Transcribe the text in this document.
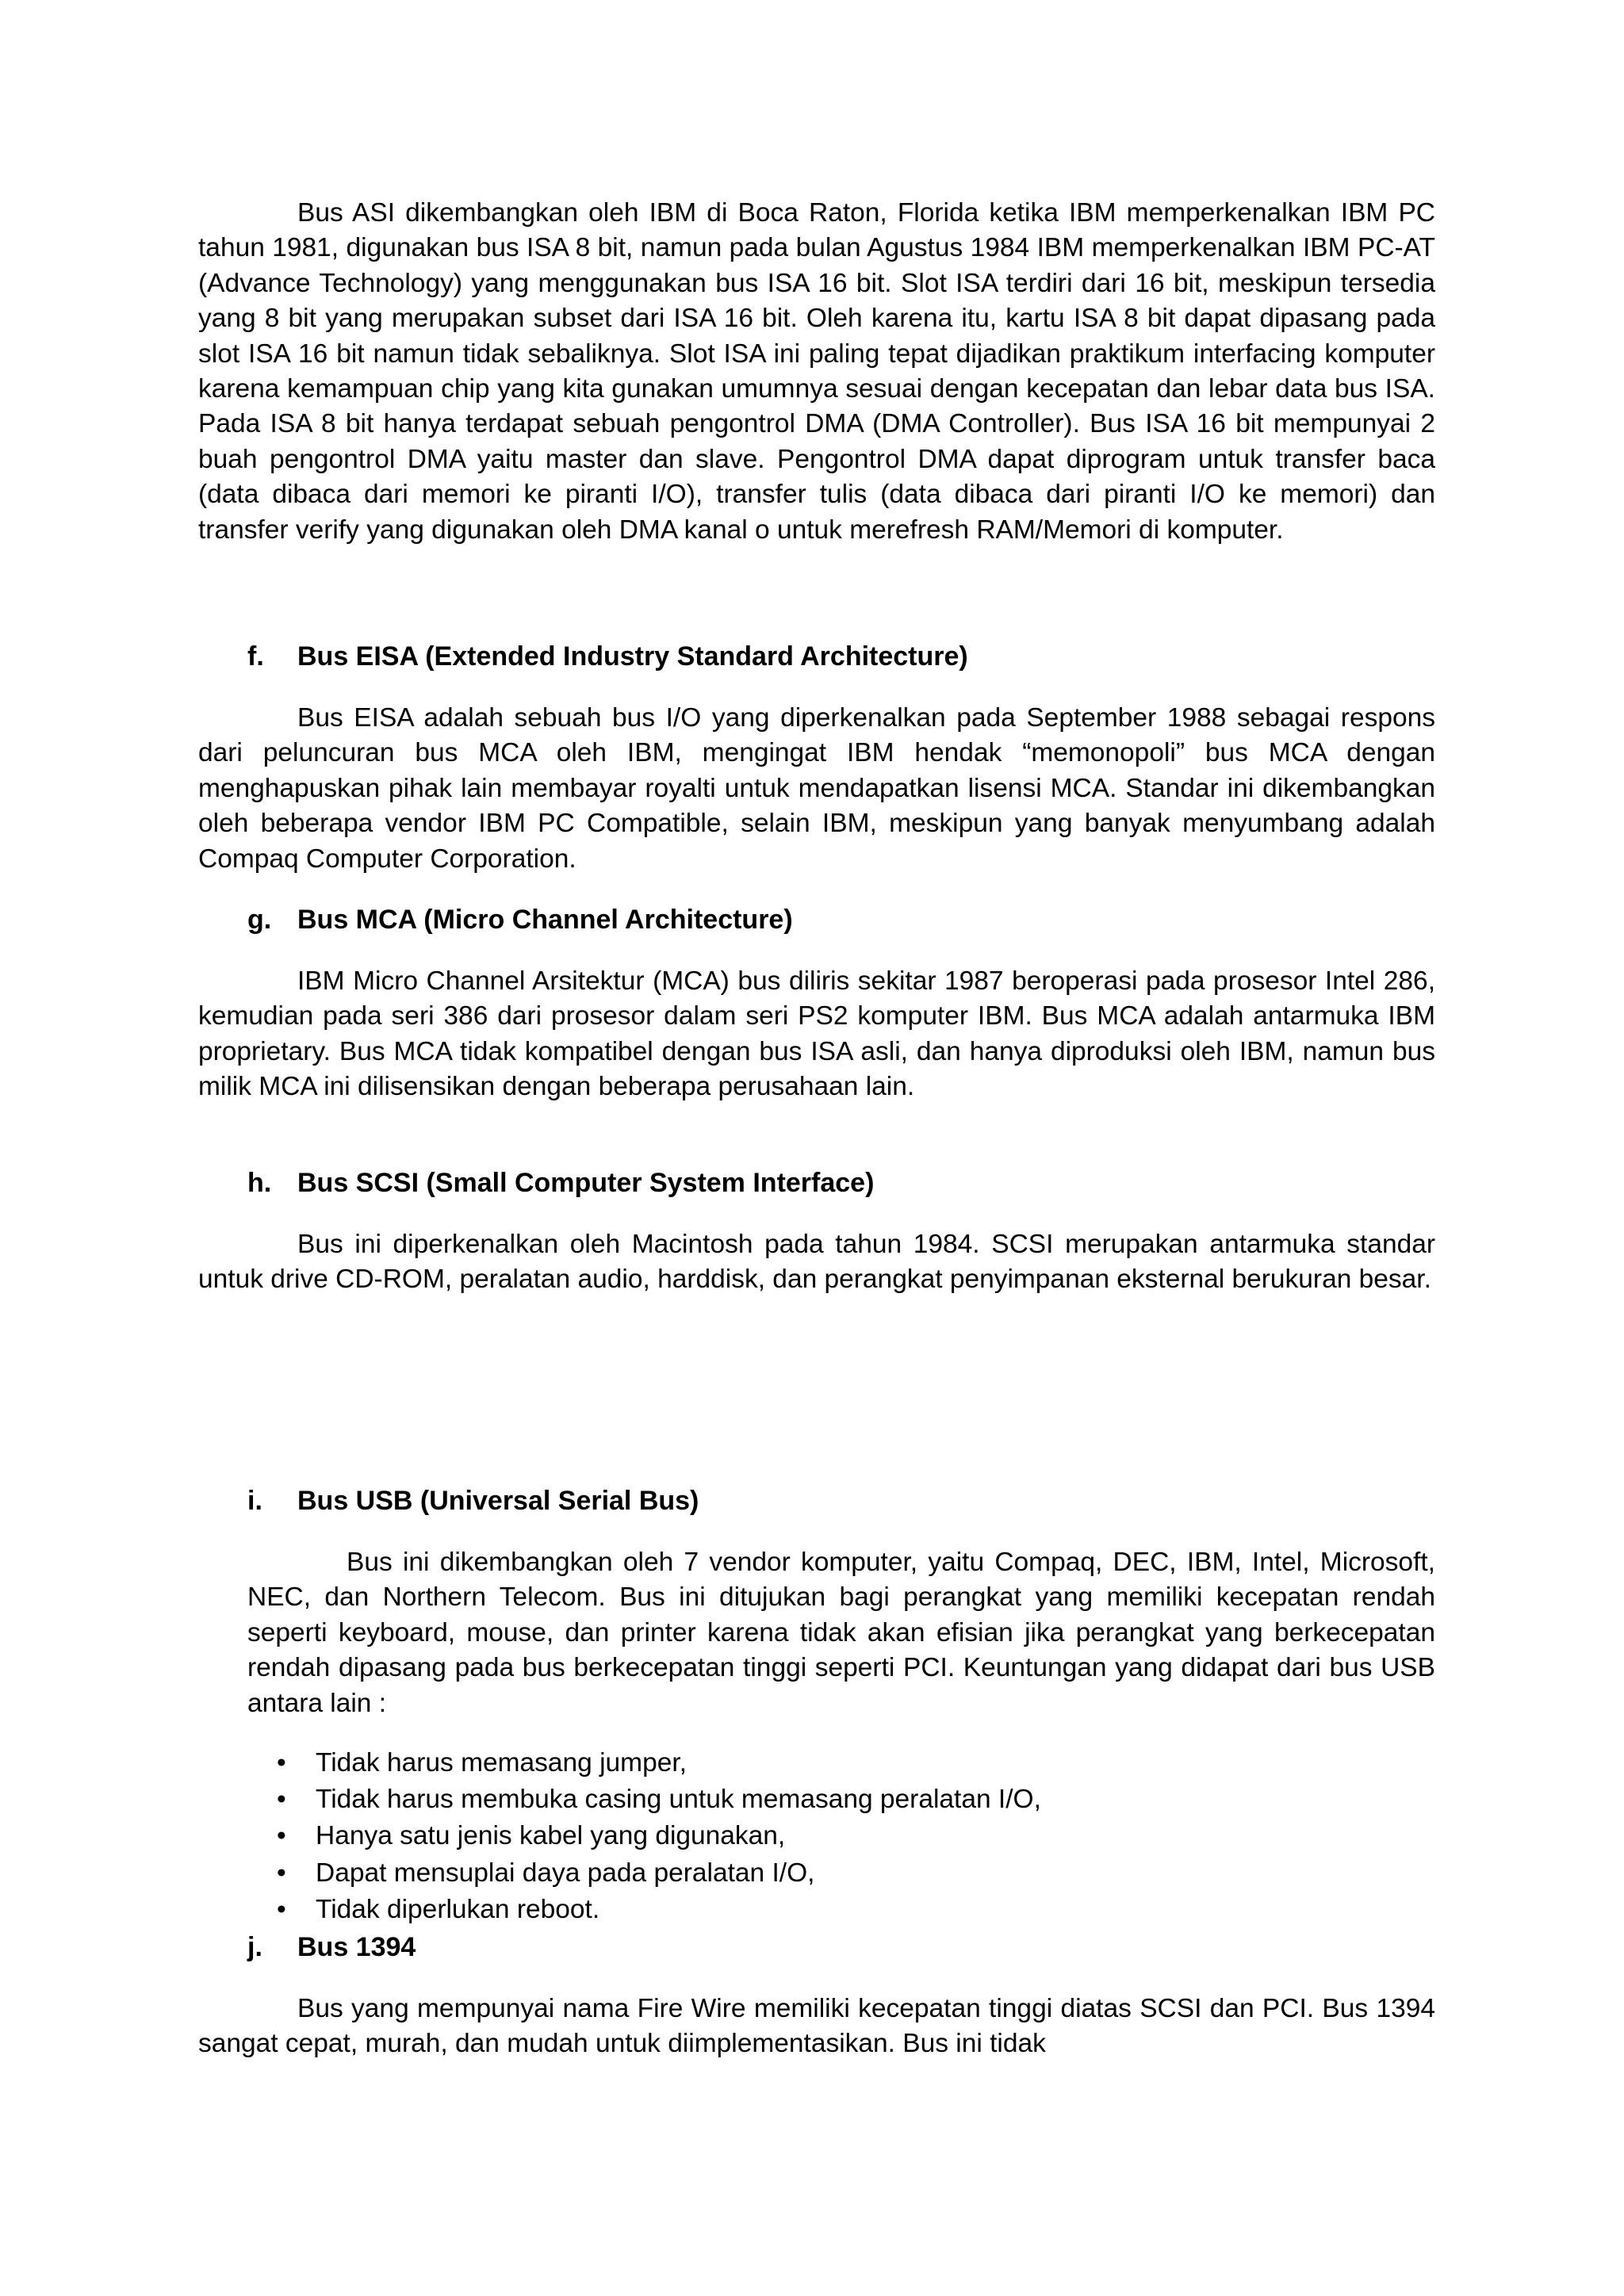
Bus ASI dikembangkan oleh IBM di Boca Raton, Florida ketika IBM memperkenalkan IBM PC tahun 1981, digunakan bus ISA 8 bit, namun pada bulan Agustus 1984 IBM memperkenalkan IBM PC-AT (Advance Technology) yang menggunakan bus ISA 16 bit. Slot ISA terdiri dari 16 bit, meskipun tersedia yang 8 bit yang merupakan subset dari ISA 16 bit. Oleh karena itu, kartu ISA 8 bit dapat dipasang pada slot ISA 16 bit namun tidak sebaliknya. Slot ISA ini paling tepat dijadikan praktikum interfacing komputer karena kemampuan chip yang kita gunakan umumnya sesuai dengan kecepatan dan lebar data bus ISA. Pada ISA 8 bit hanya terdapat sebuah pengontrol DMA (DMA Controller). Bus ISA 16 bit mempunyai 2 buah pengontrol DMA yaitu master dan slave. Pengontrol DMA dapat diprogram untuk transfer baca (data dibaca dari memori ke piranti I/O), transfer tulis (data dibaca dari piranti I/O ke memori) dan transfer verify yang digunakan oleh DMA kanal o untuk merefresh RAM/Memori di komputer.

f. Bus EISA (Extended Industry Standard Architecture)

Bus EISA adalah sebuah bus I/O yang diperkenalkan pada September 1988 sebagai respons dari peluncuran bus MCA oleh IBM, mengingat IBM hendak “memonopoli” bus MCA dengan menghapuskan pihak lain membayar royalti untuk mendapatkan lisensi MCA. Standar ini dikembangkan oleh beberapa vendor IBM PC Compatible, selain IBM, meskipun yang banyak menyumbang adalah Compaq Computer Corporation.

g. Bus MCA (Micro Channel Architecture)

IBM Micro Channel Arsitektur (MCA) bus diliris sekitar 1987 beroperasi pada prosesor Intel 286, kemudian pada seri 386 dari prosesor dalam seri PS2 komputer IBM. Bus MCA adalah antarmuka IBM proprietary. Bus MCA tidak kompatibel dengan bus ISA asli, dan hanya diproduksi oleh IBM, namun bus milik MCA ini dilisensikan dengan beberapa perusahaan lain.

h. Bus SCSI (Small Computer System Interface)

Bus ini diperkenalkan oleh Macintosh pada tahun 1984. SCSI merupakan antarmuka standar untuk drive CD-ROM, peralatan audio, harddisk, dan perangkat penyimpanan eksternal berukuran besar.

i. Bus USB (Universal Serial Bus)

Bus ini dikembangkan oleh 7 vendor komputer, yaitu Compaq, DEC, IBM, Intel, Microsoft, NEC, dan Northern Telecom. Bus ini ditujukan bagi perangkat yang memiliki kecepatan rendah seperti keyboard, mouse, dan printer karena tidak akan efisian jika perangkat yang berkecepatan rendah dipasang pada bus berkecepatan tinggi seperti PCI. Keuntungan yang didapat dari bus USB antara lain :

• Tidak harus memasang jumper,
• Tidak harus membuka casing untuk memasang peralatan I/O,
• Hanya satu jenis kabel yang digunakan,
• Dapat mensuplai daya pada peralatan I/O,
• Tidak diperlukan reboot.
j. Bus 1394

Bus yang mempunyai nama Fire Wire memiliki kecepatan tinggi diatas SCSI dan PCI. Bus 1394 sangat cepat, murah, dan mudah untuk diimplementasikan. Bus ini tidak
